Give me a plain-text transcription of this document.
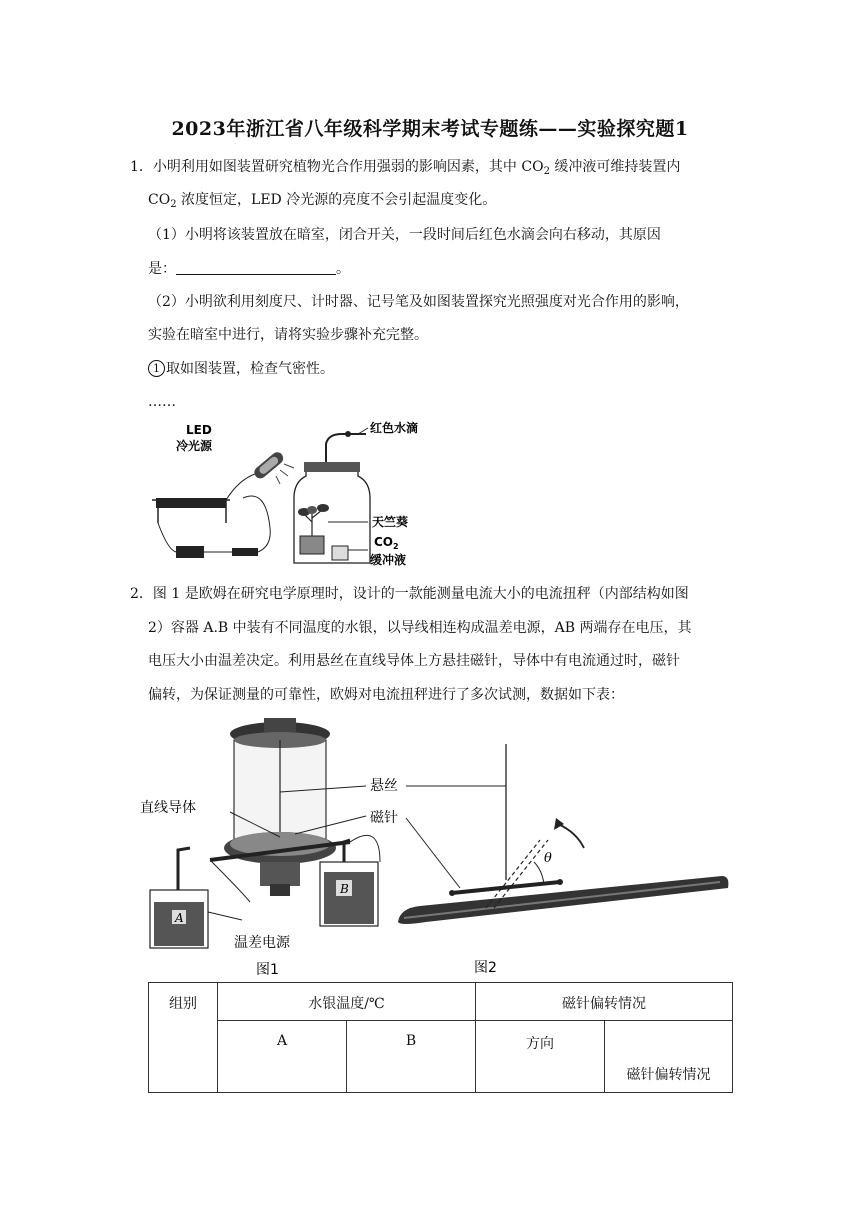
2023年浙江省八年级科学期末考试专题练——实验探究题1
1．小明利用如图装置研究植物光合作用强弱的影响因素，其中 $CO_2$ 缓冲液可维持装置内
$CO_2$ 浓度恒定，LED 冷光源的亮度不会引起温度变化。
（1）小明将该装置放在暗室，闭合开关，一段时间后红色水滴会向右移动，其原因
是：	。
（2）小明欲利用刻度尺、计时器、记号笔及如图装置探究光照强度对光合作用的影响，
实验在暗室中进行，请将实验步骤补充完整。
1 取如图装置，检查气密性。
……
LED
冷光源
红色水滴
天竺葵
$CO_2$
缓冲液
2．图 1 是欧姆在研究电学原理时，设计的一款能测量电流大小的电流扭秤（内部结构如图
2）容器 A.B 中装有不同温度的水银，以导线相连构成温差电源，AB 两端存在电压，其
电压大小由温差决定。利用悬丝在直线导体上方悬挂磁针，导体中有电流通过时，磁针
偏转，为保证测量的可靠性，欧姆对电流扭秤进行了多次试测，数据如下表：
A
B
θ
悬丝
磁针
直线导体
温差电源
图1	图2
组别	水银温度/℃		磁针偏转情况	
	A	B	方向	磁针偏转情况
